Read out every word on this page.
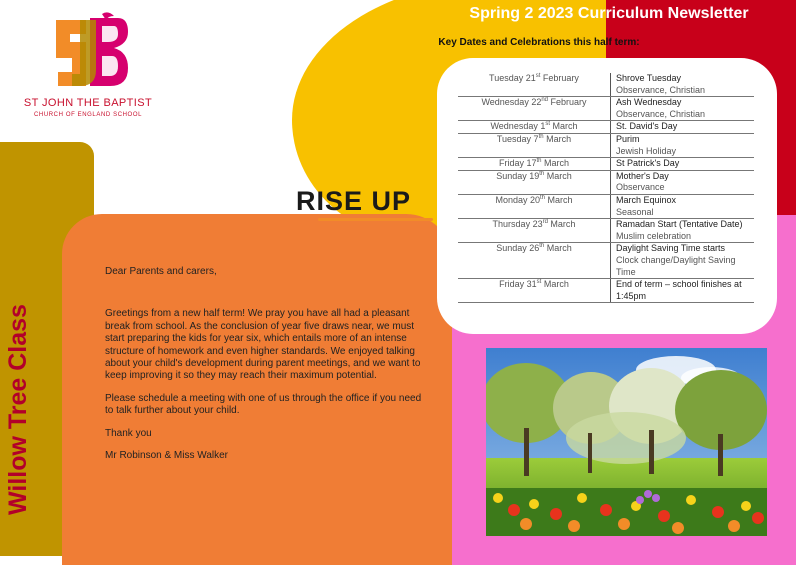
ST JOHN THE BAPTIST
CHURCH OF ENGLAND SCHOOL
Willow Tree Class
Spring 2 2023 Curriculum Newsletter
Key Dates and Celebrations this half term:
RISE UP
Tuesday 21st February	Shrove Tuesday
Observance, Christian

Wednesday 22nd February	Ash Wednesday
Observance, Christian

Wednesday 1st March	St. David's Day

Tuesday 7th March	Purim
Jewish Holiday

Friday 17th March	St Patrick's Day

Sunday 19th March	Mother's Day
Observance

Monday 20th March	March Equinox
Seasonal

Thursday 23rd March	Ramadan Start (Tentative Date)
Muslim celebration

Sunday 26th March	Daylight Saving Time starts
Clock change/Daylight Saving Time

Friday 31st March	End of term – school finishes at 1:45pm

Dear Parents and carers,

Greetings from a new half term! We pray you have all had a pleasant break from school. As the conclusion of year five draws near, we must start preparing the kids for year six, which entails more of an intense structure of homework and even higher standards. We enjoyed talking about your child's development during parent meetings, and we want to keep improving it so they may reach their maximum potential.

Please schedule a meeting with one of us through the office if you need to talk further about your child.

Thank you

Mr Robinson & Miss Walker
